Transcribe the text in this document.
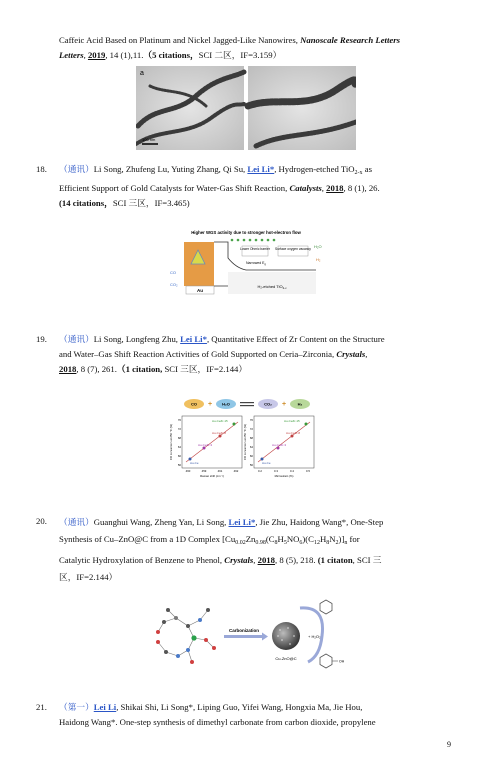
Caffeic Acid Based on Platinum and Nickel Jagged-Like Nanowires, Nanoscale Research Letters
Letters, 2019, 14 (1),11.（5 citations，SCI 二区，IF=3.159）
a
100 nm
18. （通讯）Li Song, Zhufeng Lu, Yuting Zhang, Qi Su, Lei Li*, Hydrogen-etched TiO$_{2-x}$ as
Efficient Support of Gold Catalysts for Water-Gas Shift Reaction, Catalysts, 2018, 8 (1), 26.
(14 citations，SCI 三区，IF=3.465)
Higher WGS activity due to stronger hot-electron flow
Au
Lower Ohmic barrier Surface oxygen vacancy
Narrowed $E_g$
H₂O
H₂
CO
CO₂	H₂-etched TiO$_{2-x}$
19. （通讯）Li Song, Longfeng Zhu, Lei Li*, Quantitative Effect of Zr Content on the Structure
and Water–Gas Shift Reaction Activities of Gold Supported on Ceria–Zirconia, Crystals,
2018, 8 (7), 261.（1 citation, SCI 三区，IF=2.144）
CO +	H₂O	CO₂ +	H₂
Au-CeZr-15
Au-CeZr-8
Au-CeZr-3
Au-Ce
Au-CeZr-15
Au-CeZr-8
Au-CeZr-3
Au-Ce
76
72
68
64
60
56
76
72
68
64
60
56
460	459	461	462	0.2	0.3	0.4	0.5
Raman shift (cm⁻¹)	Microstrain (%)
CO conversion at 250 °C (%)	CO conversion at 250 °C (%)
20. （通讯）Guanghui Wang, Zheng Yan, Li Song, Lei Li*, Jie Zhu, Haidong Wang*, One-Step
Synthesis of Cu–ZnO@C from a 1D Complex $[Cu_{0.02}Zn_{0.98}(C_8H_5NO_6)(C_{12}H_8N_2)]_n$ for
Catalytic Hydroxylation of Benzene to Phenol, Crystals, 2018, 8 (5), 218. (1 citaton, SCI 三
区，IF=2.144）
Carbonization
Cu-ZnO@C
+ H₂O₂
OH
21. （第一）Lei Li, Shikai Shi, Li Song*, Liping Guo, Yifei Wang, Hongxia Ma, Jie Hou,
Haidong Wang*. One-step synthesis of dimethyl carbonate from carbon dioxide, propylene
9
